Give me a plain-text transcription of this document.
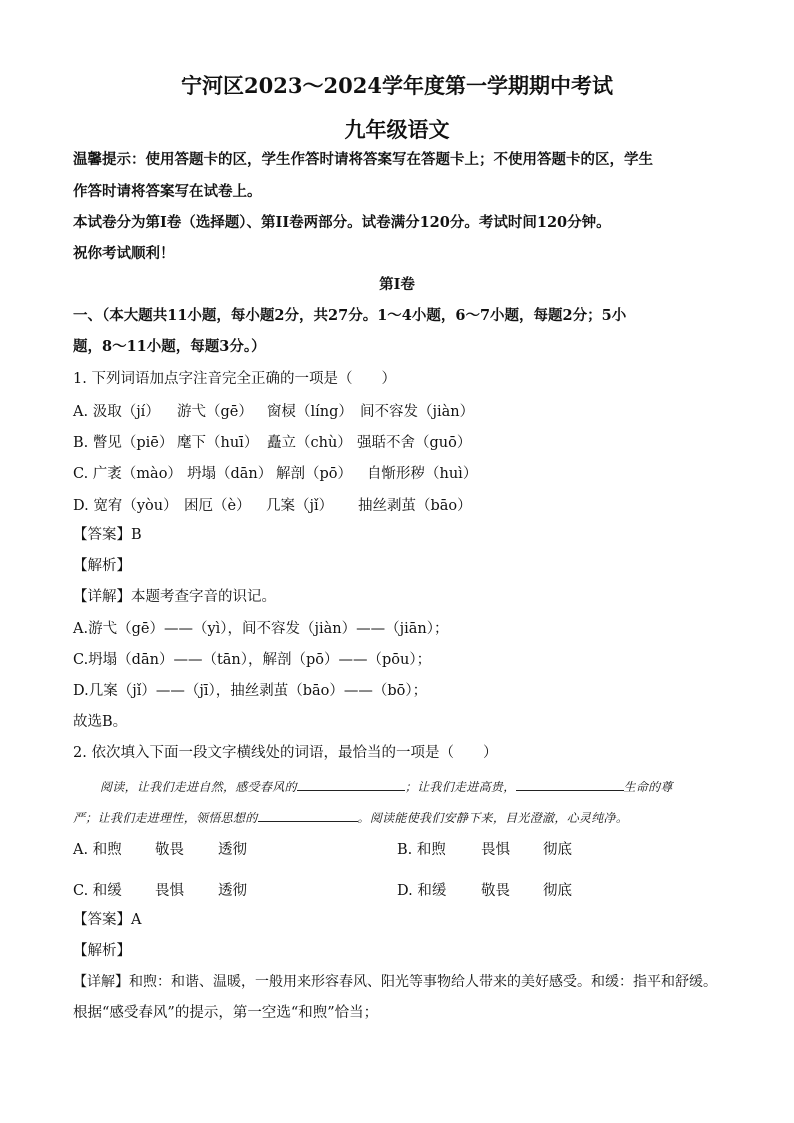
宁河区2023～2024学年度第一学期期中考试
九年级语文
温馨提示：使用答题卡的区，学生作答时请将答案写在答题卡上；不使用答题卡的区，学生
作答时请将答案写在试卷上。
本试卷分为第Ⅰ卷（选择题）、第II卷两部分。试卷满分120分。考试时间120分钟。
祝你考试顺利！
第Ⅰ卷
一、（本大题共11小题，每小题2分，共27分。1～4小题，6～7小题，每题2分；5小
题，8～11小题，每题3分。）
1. 下列词语加点字注音完全正确的一项是（　　）
A. 汲取（jí） 游弋（gē） 窗棂（líng） 间不容发（jiàn）
B. 瞥见（piē） 麾下（huī） 矗立（chù） 强聒不舍（guō）
C. 广袤（mào） 坍塌（dān） 解剖（pō） 自惭形秽（huì）
D. 宽宥（yòu） 困厄（è） 几案（jǐ） 抽丝剥茧（bāo）
【答案】B
【解析】
【详解】本题考查字音的识记。
A.游弋（gē）——（yì），间不容发（jiàn）——（jiān）；
C.坍塌（dān）——（tān），解剖（pō）——（pōu）；
D.几案（jǐ）——（jī），抽丝剥茧（bāo）——（bō）；
故选B。
2. 依次填入下面一段文字横线处的词语，最恰当的一项是（　　）
阅读，让我们走进自然，感受春风的	；让我们走进高贵，	生命的尊
严；让我们走进理性，领悟思想的	。阅读能使我们安静下来，目光澄澈，心灵纯净。
A. 和煦 敬畏 透彻	B. 和煦 畏惧 彻底
C. 和缓 畏惧 透彻	D. 和缓 敬畏 彻底
【答案】A
【解析】
【详解】和煦：和谐、温暖，一般用来形容春风、阳光等事物给人带来的美好感受。和缓：指平和舒缓。
根据“感受春风”的提示，第一空选“和煦”恰当；
